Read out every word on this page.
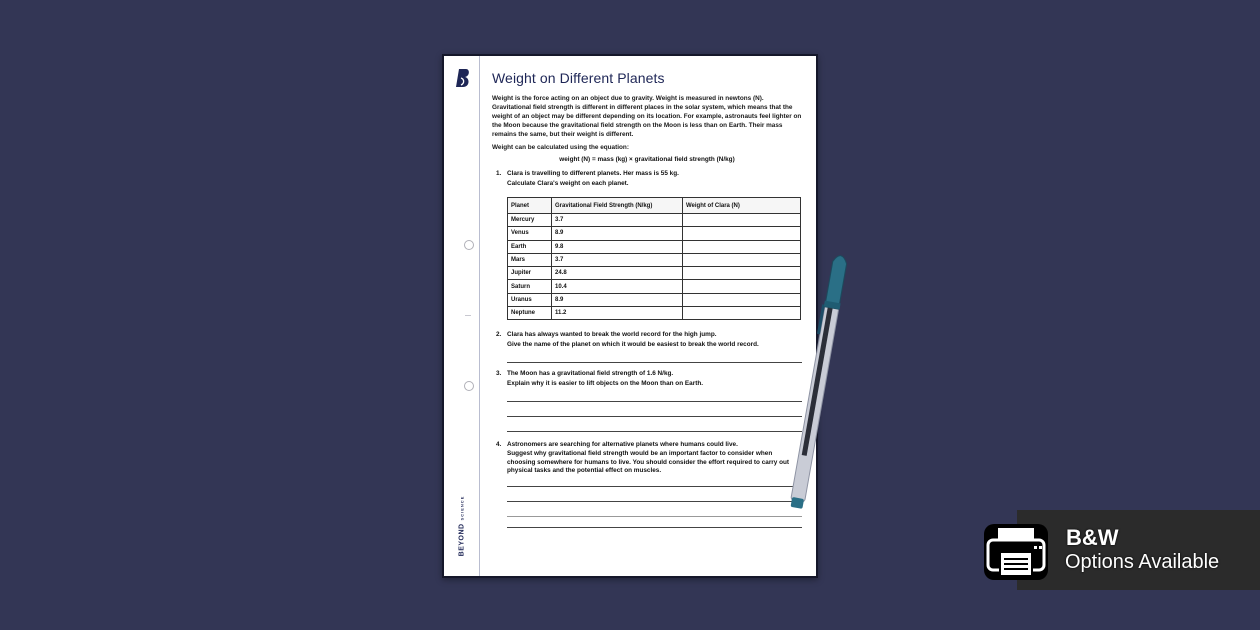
BEYONDSCIENCE
Weight on Different Planets

Weight is the force acting on an object due to gravity. Weight is measured in newtons (N). Gravitational field strength is different in different places in the solar system, which means that the weight of an object may be different depending on its location. For example, astronauts feel lighter on the Moon because the gravitational field strength on the Moon is less than on Earth. Their mass remains the same, but their weight is different.

Weight can be calculated using the equation:

weight (N) = mass (kg) × gravitational field strength (N/kg)
1. Clara is travelling to different planets. Her mass is 55 kg.
Calculate Clara's weight on each planet.
Planet	Gravitational Field Strength (N/kg)	Weight of Clara (N)
Mercury	3.7	
Venus	8.9	
Earth	9.8	
Mars	3.7	
Jupiter	24.8	
Saturn	10.4	
Uranus	8.9	
Neptune	11.2	
2. Clara has always wanted to break the world record for the high jump.
Give the name of the planet on which it would be easiest to break the world record.
3. The Moon has a gravitational field strength of 1.6 N/kg.
Explain why it is easier to lift objects on the Moon than on Earth.
4. Astronomers are searching for alternative planets where humans could live.
Suggest why gravitational field strength would be an important factor to consider when choosing somewhere for humans to live. You should consider the effort required to carry out physical tasks and the potential effect on muscles.
B&W
Options Available
